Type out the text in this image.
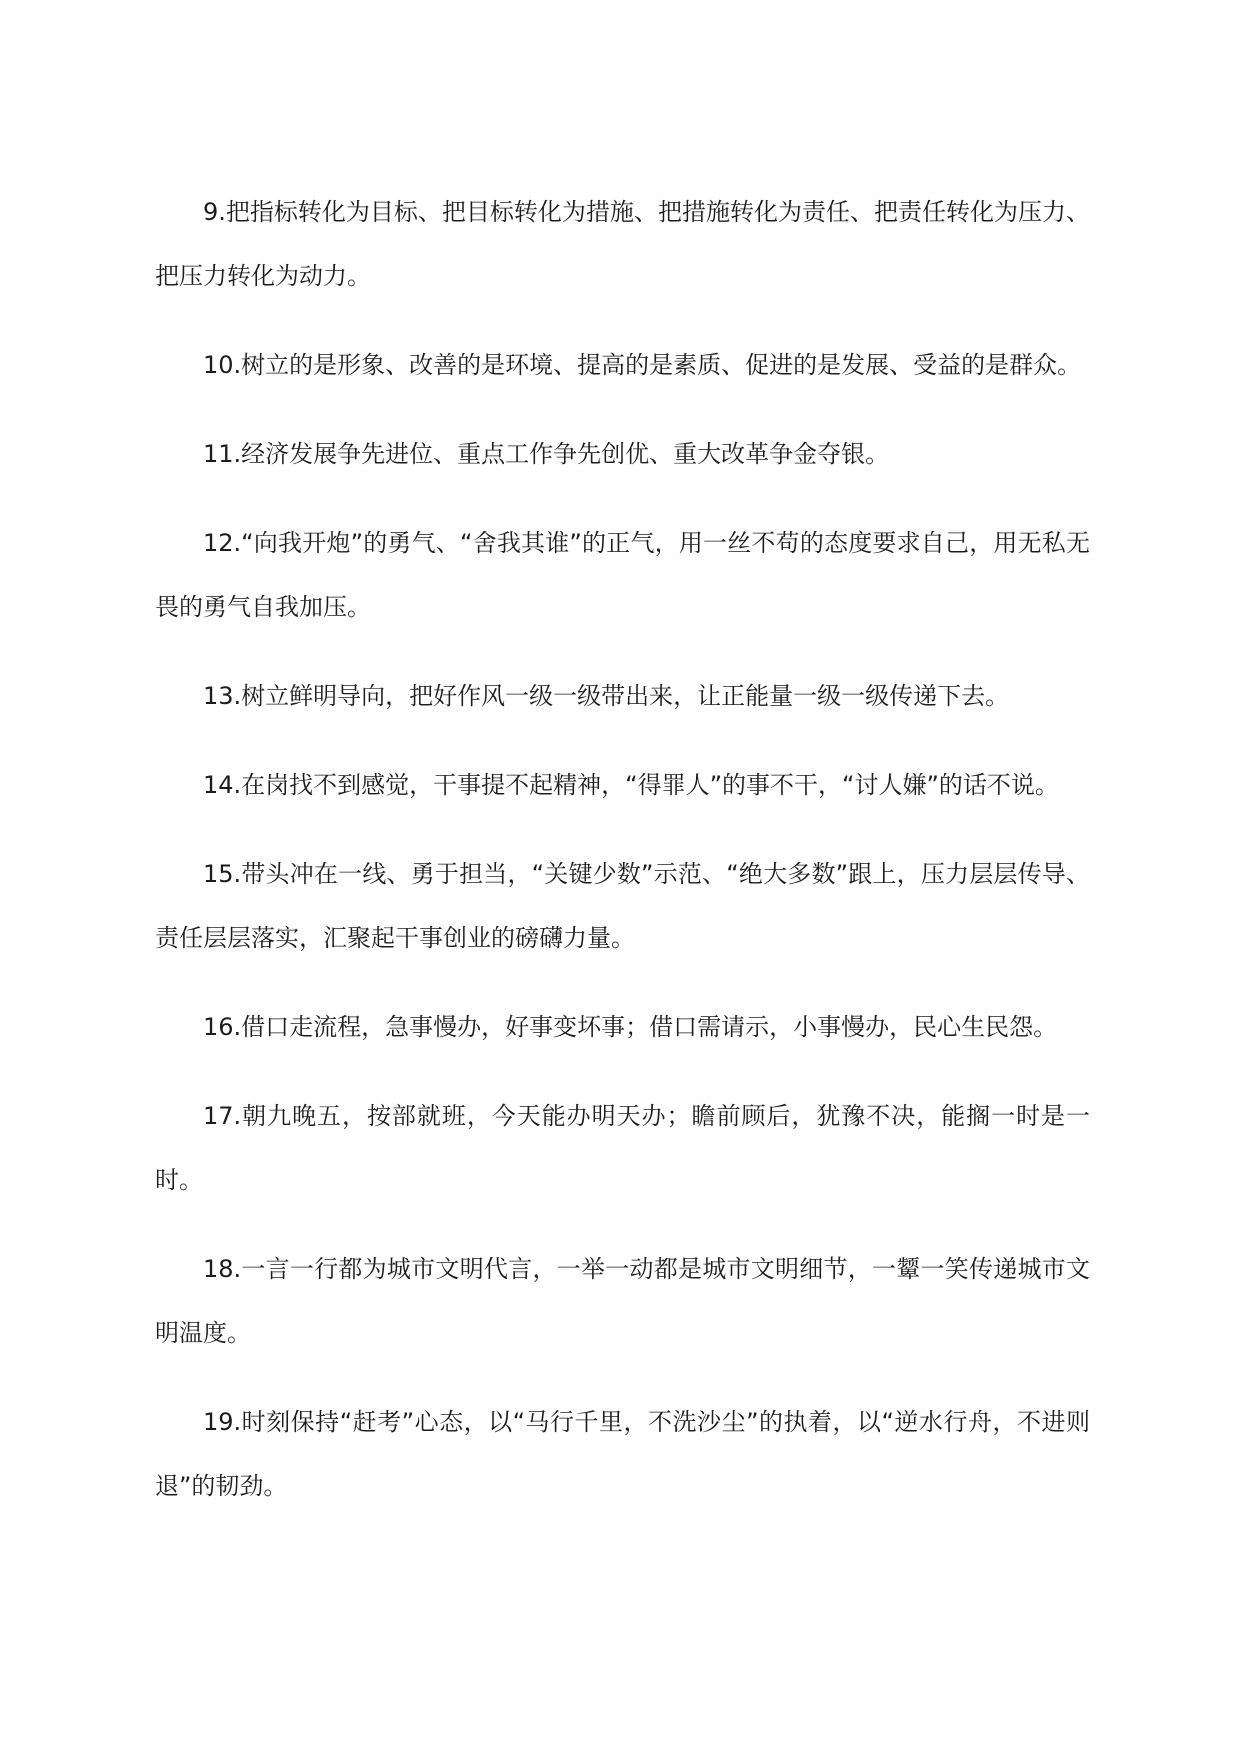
9.把指标转化为目标、把目标转化为措施、把措施转化为责任、把责任转化为压力、把压力转化为动力。

10.树立的是形象、改善的是环境、提高的是素质、促进的是发展、受益的是群众。

11.经济发展争先进位、重点工作争先创优、重大改革争金夺银。

12.“向我开炮”的勇气、“舍我其谁”的正气，用一丝不苟的态度要求自己，用无私无畏的勇气自我加压。

13.树立鲜明导向，把好作风一级一级带出来，让正能量一级一级传递下去。

14.在岗找不到感觉，干事提不起精神，“得罪人”的事不干，“讨人嫌”的话不说。

15.带头冲在一线、勇于担当，“关键少数”示范、“绝大多数”跟上，压力层层传导、责任层层落实，汇聚起干事创业的磅礴力量。

16.借口走流程，急事慢办，好事变坏事；借口需请示，小事慢办，民心生民怨。

17.朝九晚五，按部就班，今天能办明天办；瞻前顾后，犹豫不决，能搁一时是一时。

18.一言一行都为城市文明代言，一举一动都是城市文明细节，一颦一笑传递城市文明温度。

19.时刻保持“赶考”心态，以“马行千里，不洗沙尘”的执着，以“逆水行舟，不进则退”的韧劲。
